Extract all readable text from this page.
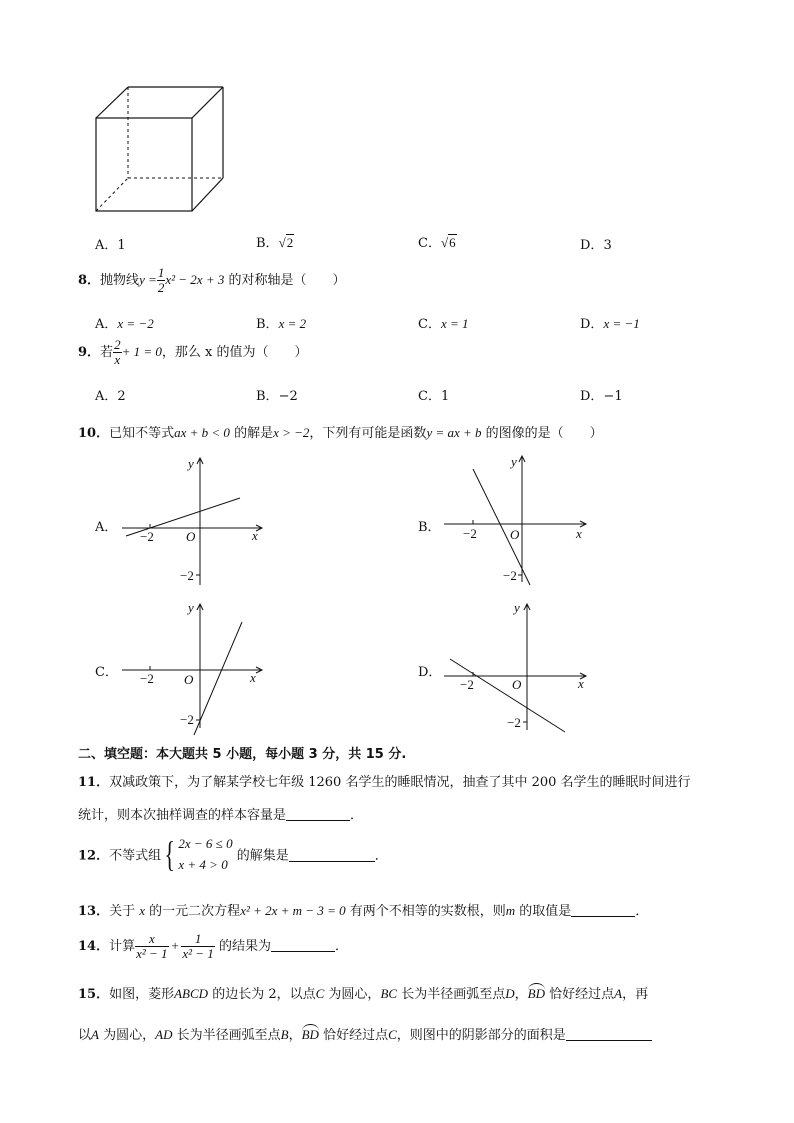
A．1	B．√2	C．√6	D．3
8．抛物线$y = \frac{1}{2} x^2 - 2x + 3$ 的对称轴是（　　）
A．x = −2	B．x = 2	C．x = 1	D．x = −1
9．若 $\frac{2}{x} + 1 = 0$，那么 x 的值为（　　）
A．2	B．−2	C．1	D．−1
10．已知不等式ax + b < 0 的解是x > −2，下列有可能是函数y = ax + b 的图像的是（　　）
A．
y
x
O
−2
−2
B．
y
x
O
−2
−2
C．
y
x
O
−2
−2
D．
y
x
O
−2
−2
二、填空题：本大题共 5 小题，每小题 3 分，共 15 分.
11．双减政策下，为了解某学校七年级 1260 名学生的睡眠情况，抽查了其中 200 名学生的睡眠时间进行
统计，则本次抽样调查的样本容量是	．
12．不等式组{ 2x − 6 ≤ 0
x + 4 > 0
的解集是	．
13．关于 x 的一元二次方程x² + 2x + m − 3 = 0 有两个不相等的实数根，则m 的取值是	．
14．计算 $\frac{x}{\text{x² − 1}} + \frac{1}{\text{x² − 1}}$ 的结果为	．
15．如图，菱形ABCD 的边长为 2，以点C 为圆心，BC 长为半径画弧至点D，BD 恰好经过点A，再
以A 为圆心，AD 长为半径画弧至点B，BD 恰好经过点C，则图中的阴影部分的面积是
